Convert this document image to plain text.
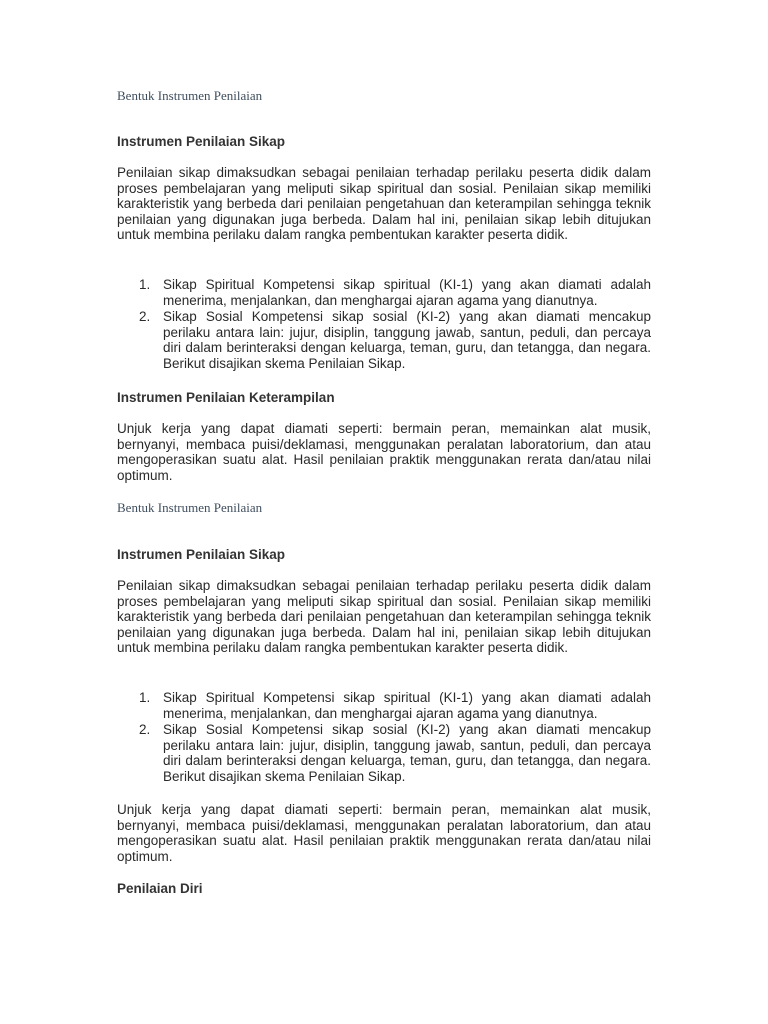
Bentuk Instrumen Penilaian

Instrumen Penilaian Sikap

Penilaian sikap dimaksudkan sebagai penilaian terhadap perilaku peserta didik dalam proses pembelajaran yang meliputi sikap spiritual dan sosial. Penilaian sikap memiliki karakteristik yang berbeda dari penilaian pengetahuan dan keterampilan sehingga teknik penilaian yang digunakan juga berbeda. Dalam hal ini, penilaian sikap lebih ditujukan untuk membina perilaku dalam rangka pembentukan karakter peserta didik.

1. Sikap Spiritual Kompetensi sikap spiritual (KI-1) yang akan diamati adalah menerima, menjalankan, dan menghargai ajaran agama yang dianutnya.
2. Sikap Sosial Kompetensi sikap sosial (KI-2) yang akan diamati mencakup perilaku antara lain: jujur, disiplin, tanggung jawab, santun, peduli, dan percaya diri dalam berinteraksi dengan keluarga, teman, guru, dan tetangga, dan negara. Berikut disajikan skema Penilaian Sikap.

Instrumen Penilaian Keterampilan

Unjuk kerja yang dapat diamati seperti: bermain peran, memainkan alat musik, bernyanyi, membaca puisi/deklamasi, menggunakan peralatan laboratorium, dan atau mengoperasikan suatu alat. Hasil penilaian praktik menggunakan rerata dan/atau nilai optimum.

Bentuk Instrumen Penilaian

Instrumen Penilaian Sikap

Penilaian sikap dimaksudkan sebagai penilaian terhadap perilaku peserta didik dalam proses pembelajaran yang meliputi sikap spiritual dan sosial. Penilaian sikap memiliki karakteristik yang berbeda dari penilaian pengetahuan dan keterampilan sehingga teknik penilaian yang digunakan juga berbeda. Dalam hal ini, penilaian sikap lebih ditujukan untuk membina perilaku dalam rangka pembentukan karakter peserta didik.

1. Sikap Spiritual Kompetensi sikap spiritual (KI-1) yang akan diamati adalah menerima, menjalankan, dan menghargai ajaran agama yang dianutnya.
2. Sikap Sosial Kompetensi sikap sosial (KI-2) yang akan diamati mencakup perilaku antara lain: jujur, disiplin, tanggung jawab, santun, peduli, dan percaya diri dalam berinteraksi dengan keluarga, teman, guru, dan tetangga, dan negara. Berikut disajikan skema Penilaian Sikap.

Unjuk kerja yang dapat diamati seperti: bermain peran, memainkan alat musik, bernyanyi, membaca puisi/deklamasi, menggunakan peralatan laboratorium, dan atau mengoperasikan suatu alat. Hasil penilaian praktik menggunakan rerata dan/atau nilai optimum.

Penilaian Diri
